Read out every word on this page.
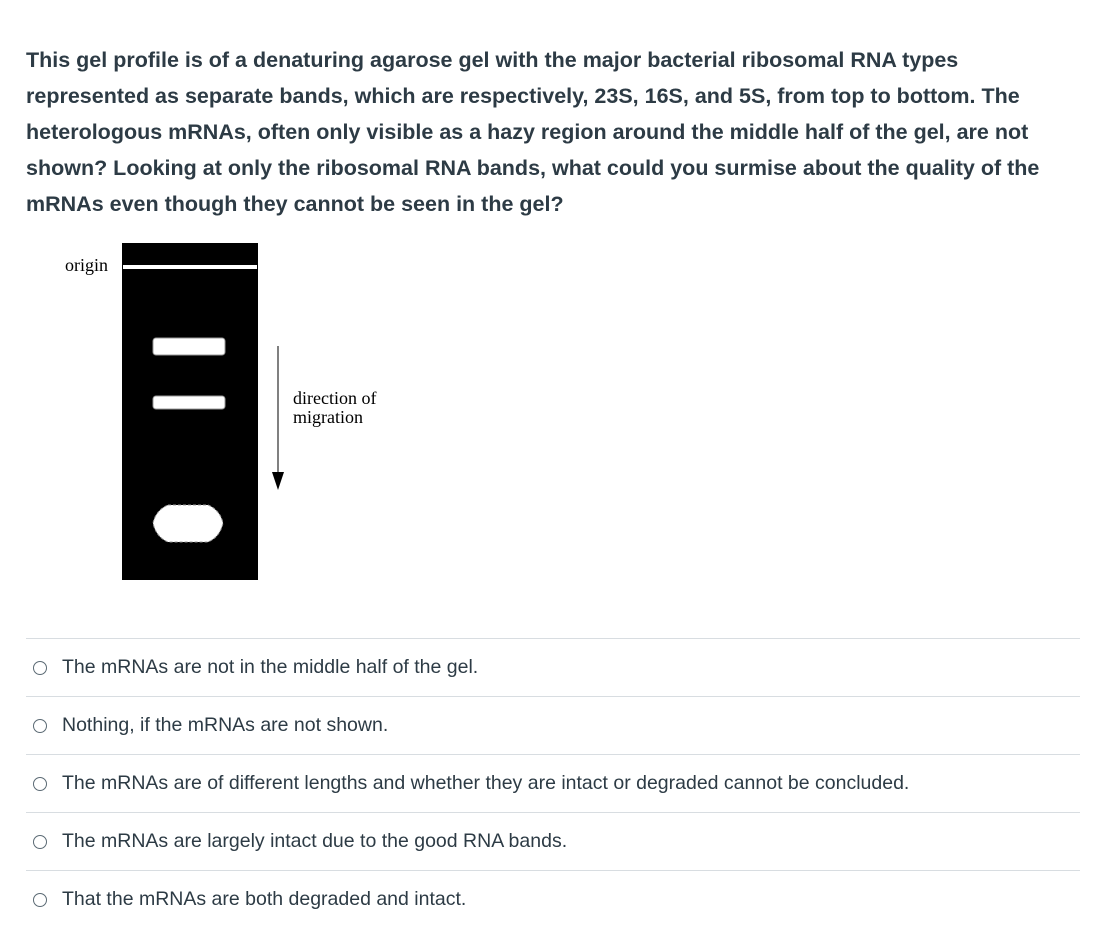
This gel profile is of a denaturing agarose gel with the major bacterial ribosomal RNA types represented as separate bands, which are respectively, 23S, 16S, and 5S, from top to bottom. The heterologous mRNAs, often only visible as a hazy region around the middle half of the gel, are not shown? Looking at only the ribosomal RNA bands, what could you surmise about the quality of the mRNAs even though they cannot be seen in the gel?

origin
direction of
migration
The mRNAs are not in the middle half of the gel.
Nothing, if the mRNAs are not shown.
The mRNAs are of different lengths and whether they are intact or degraded cannot be concluded.
The mRNAs are largely intact due to the good RNA bands.
That the mRNAs are both degraded and intact.
